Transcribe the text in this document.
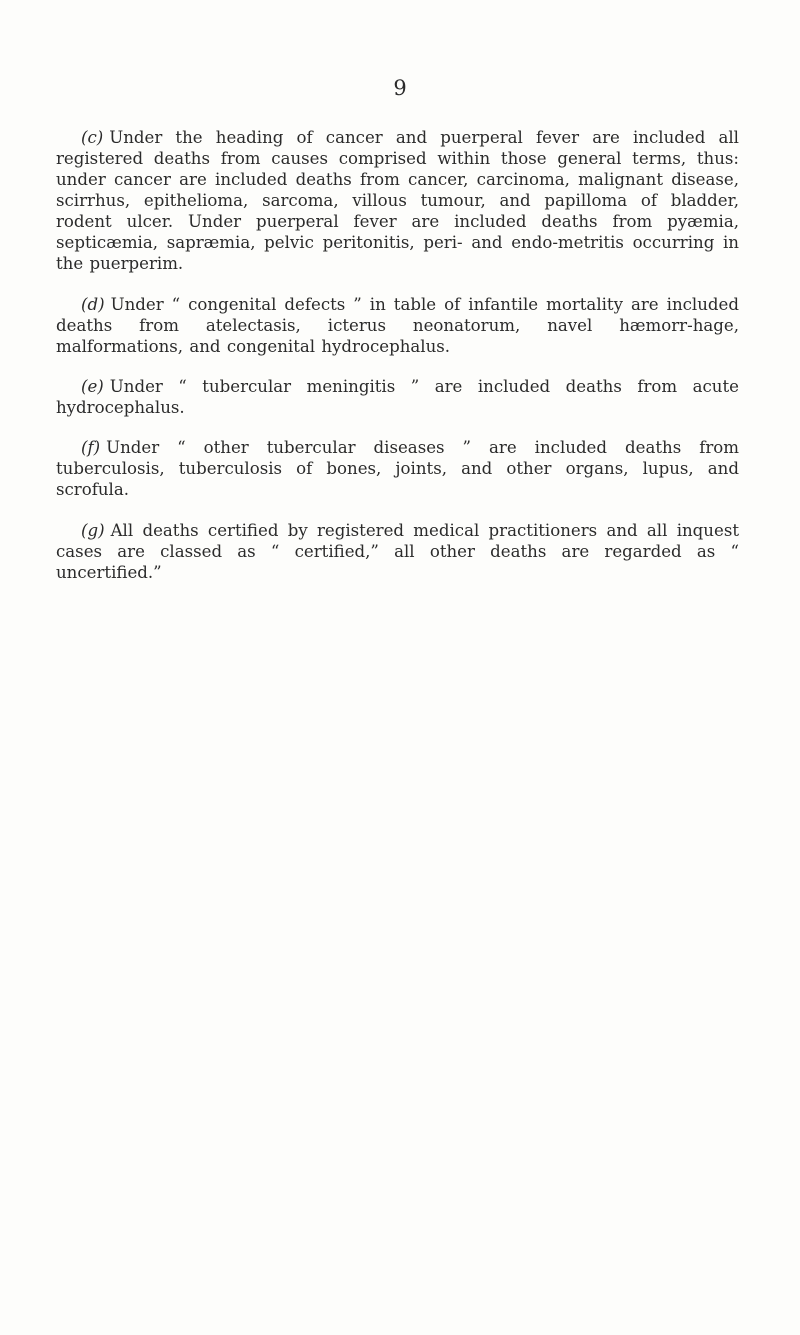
9

(c) Under the heading of cancer and puerperal fever are included all registered deaths from causes comprised within those general terms, thus: under cancer are included deaths from cancer, carcinoma, malignant disease, scirrhus, epithelioma, sarcoma, villous tumour, and papilloma of bladder, rodent ulcer. Under puerperal fever are included deaths from pyæmia, septicæmia, sapræmia, pelvic peritonitis, peri- and endo-metritis occurring in the puerperim.

(d) Under “ congenital defects ” in table of infantile mortality are included deaths from atelectasis, icterus neonatorum, navel hæmorr-hage, malformations, and congenital hydrocephalus.

(e) Under “ tubercular meningitis ” are included deaths from acute hydrocephalus.

(f) Under “ other tubercular diseases ” are included deaths from tuberculosis, tuberculosis of bones, joints, and other organs, lupus, and scrofula.

(g) All deaths certified by registered medical practitioners and all inquest cases are classed as “ certified,” all other deaths are regarded as “ uncertified.”
